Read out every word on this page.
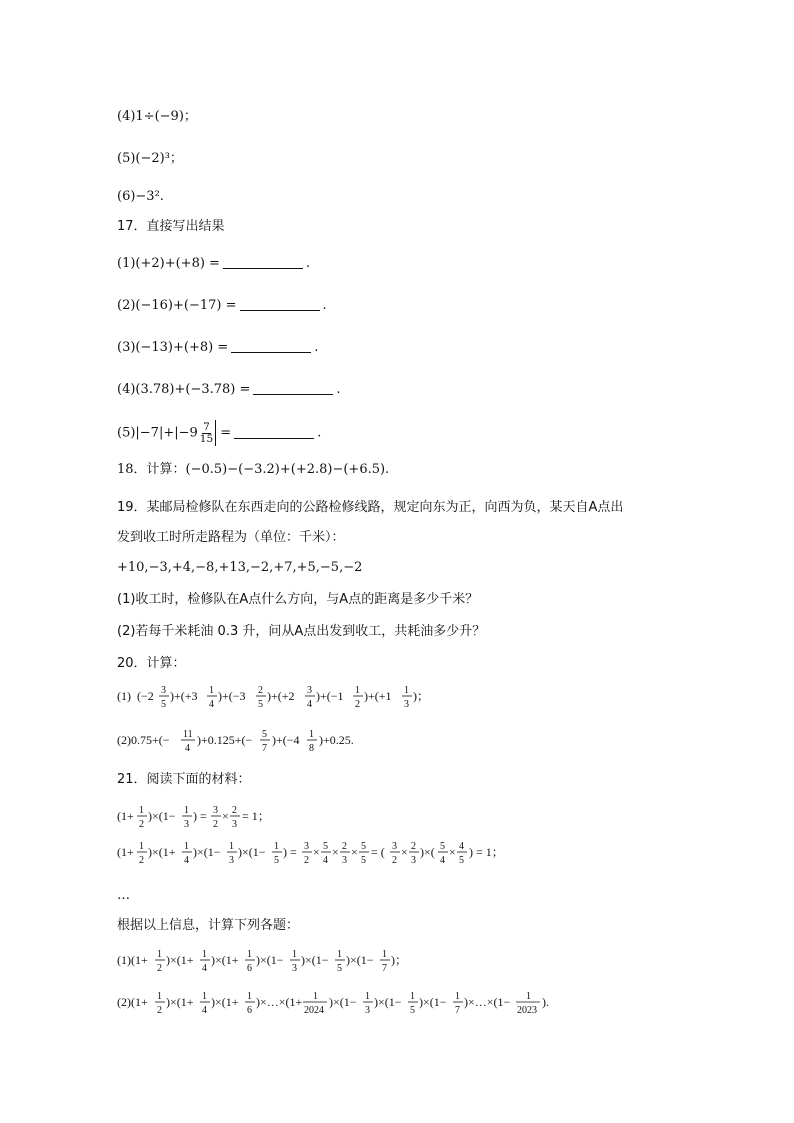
(4)1÷(−9)；
(5)(−2)³；
(6)−3².
17．直接写出结果
(1)(+2)+(+8) =	.
(2)(−16)+(−17) =	.
(3)(−13)+(+8) =	.
(4)(3.78)+(−3.78) =	.
$(5)|-7|+|-9 \frac{7}{15}$ =	.
18．计算：(−0.5)−(−3.2)+(+2.8)−(+6.5).
19．某邮局检修队在东西走向的公路检修线路，规定向东为正，向西为负，某天自A点出
发到收工时所走路程为（单位：千米）：
+10,−3,+4,−8,+13,−2,+7,+5,−5,−2
(1)收工时，检修队在A点什么方向，与A点的距离是多少千米？
(2)若每千米耗油 0.3 升，问从A点出发到收工，共耗油多少升？
20．计算：
(1) (−2 3
5
)+(+3 1
4
)+(−3 2
5
)+(+2 3
4
)+(−1 1
2
)+(+1 1
3
)；
(2)0.75+(− 11
4
)+0.125+(− 5
7
)+(−4 1
8
)+0.25.
21．阅读下面的材料：
(1+ 1
2
)×(1− 1
3
) = 3
2
× 2
3
= 1；
(1+ 1
2
)×(1+ 1
4
)×(1− 1
3
)×(1− 1
5
) = 3
2
× 5
4
× 2
3
× 5
5
= ( 3
2
× 2
3
)×( 5
4
× 4
5
) = 1；
…
根据以上信息，计算下列各题：
(1)(1+ 1
2
)×(1+ 1
4
)×(1+ 1
6
)×(1− 1
3
)×(1− 1
5
)×(1− 1
7
)；
(2)(1+ 1
2
)×(1+ 1
4
)×(1+ 1
6
)×…×(1+ 1
2024
)×(1− 1
3
)×(1− 1
5
)×(1− 1
7
)×…×(1− 1
2023
).
